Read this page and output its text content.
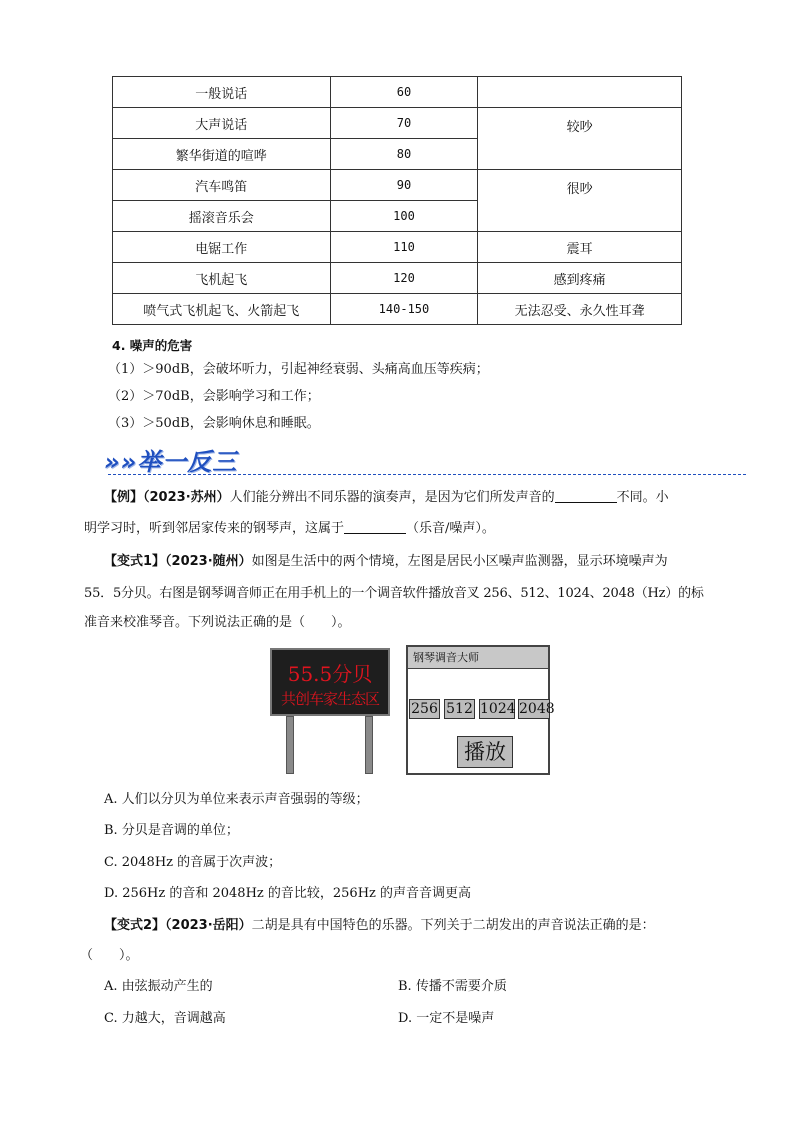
一般说话	60	
大声说话	70	较吵
繁华街道的喧哗	80	
汽车鸣笛	90	很吵
摇滚音乐会	100	
电锯工作	110	震耳
飞机起飞	120	感到疼痛
喷气式飞机起飞、火箭起飞	140-150	无法忍受、永久性耳聋
4. 噪声的危害
（1）＞90dB，会破坏听力，引起神经衰弱、头痛高血压等疾病；
（2）＞70dB，会影响学习和工作；
（3）＞50dB，会影响休息和睡眠。
»»举一反三
【例】（2023·苏州）人们能分辨出不同乐器的演奏声，是因为它们所发声音的	不同。小
明学习时，听到邻居家传来的钢琴声，这属于	（乐音/噪声）。
【变式1】（2023·随州）如图是生活中的两个情境，左图是居民小区噪声监测器，显示环境噪声为
55．5分贝。右图是钢琴调音师正在用手机上的一个调音软件播放音叉 256、512、1024、2048（Hz）的标
准音来校准琴音。下列说法正确的是（　　）。
55.5分贝
共创车家生态区
钢琴调音大师
256 512 1024 2048
播放
A. 人们以分贝为单位来表示声音强弱的等级；
B. 分贝是音调的单位；
C. 2048Hz 的音属于次声波；
D. 256Hz 的音和 2048Hz 的音比较，256Hz 的声音音调更高
【变式2】（2023·岳阳）二胡是具有中国特色的乐器。下列关于二胡发出的声音说法正确的是：
（　　）。
A. 由弦振动产生的	B. 传播不需要介质
C. 力越大，音调越高	D. 一定不是噪声
